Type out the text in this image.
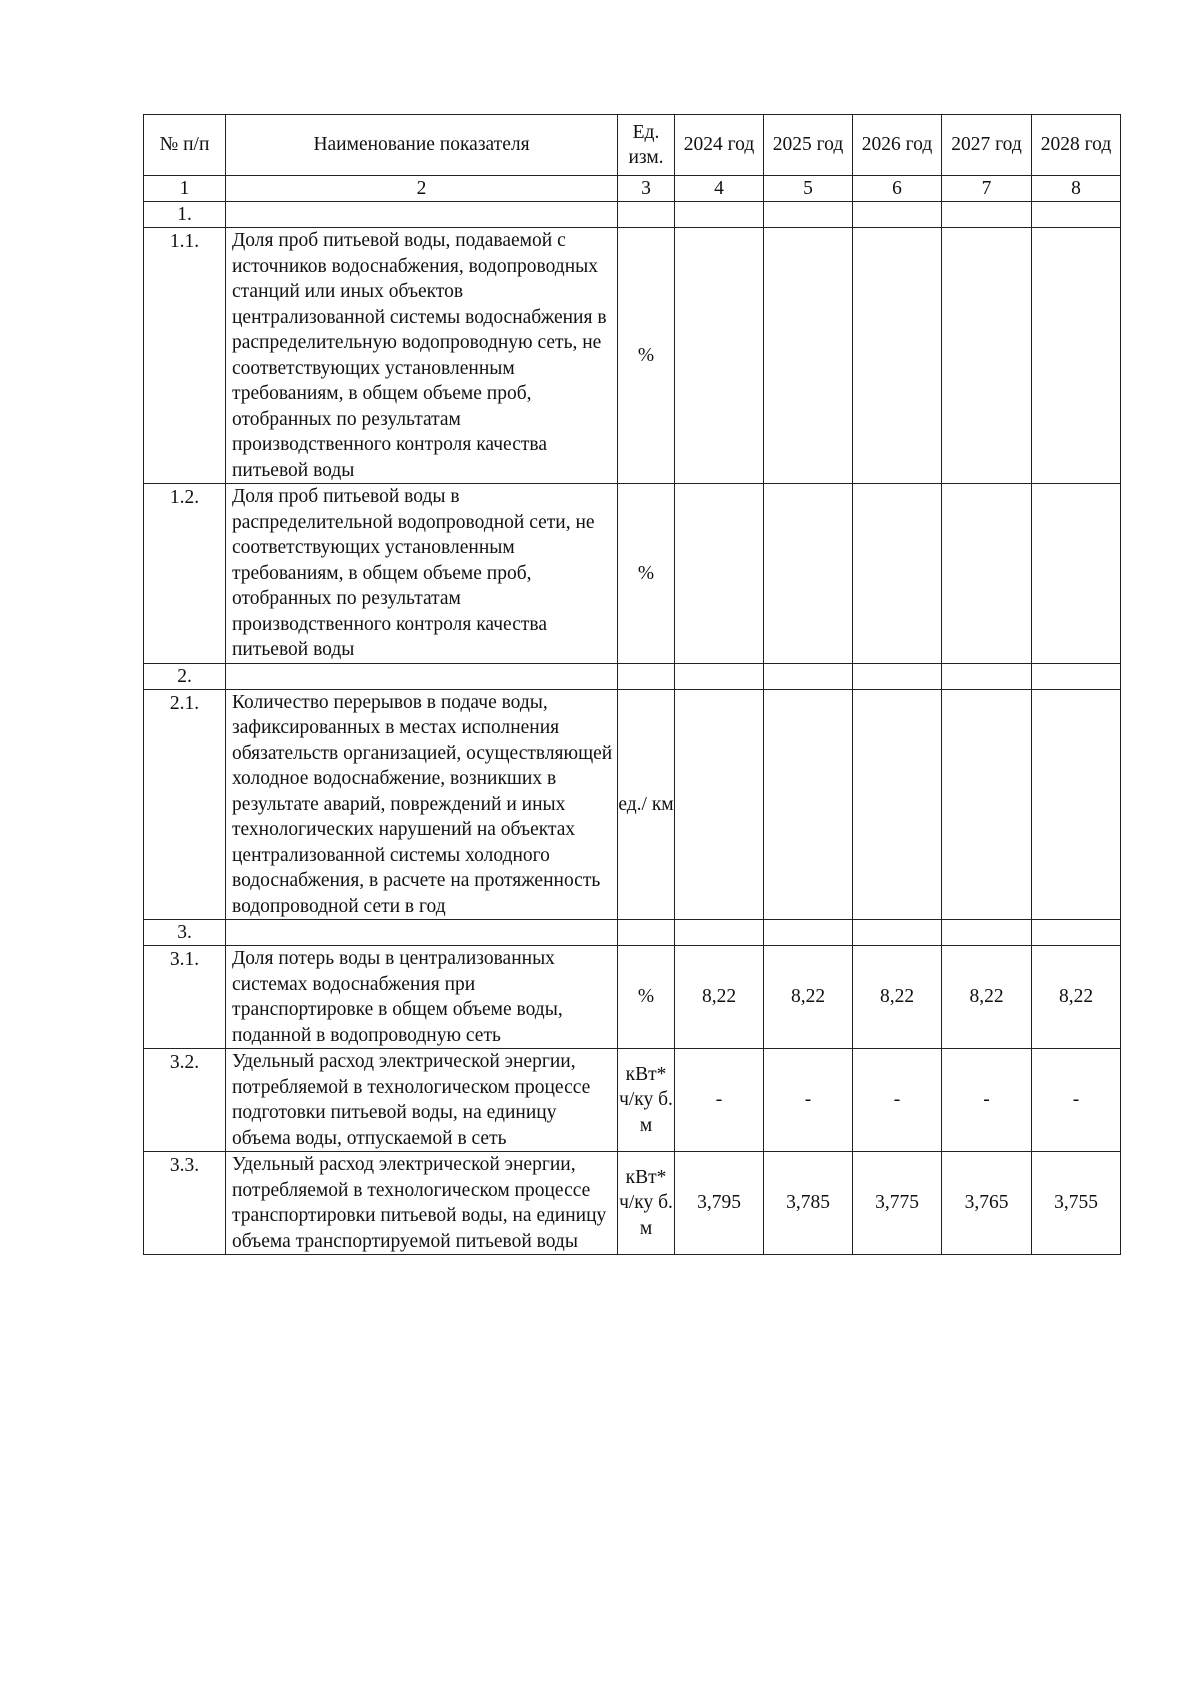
№ п/п	Наименование показателя	Ед. изм.	2024 год	2025 год	2026 год	2027 год	2028 год
1	2	3	4	5	6	7	8
1.							
1.1.	Доля проб питьевой воды, подаваемой с источников водоснабжения, водопроводных станций или иных объектов централизованной системы водоснабжения в распределительную водопроводную сеть, не соответствующих установленным требованиям, в общем объеме проб, отобранных по результатам производственного контроля качества питьевой воды	%					
1.2.	Доля проб питьевой воды в распределительной водопроводной сети, не соответствующих установленным требованиям, в общем объеме проб, отобранных по результатам производственного контроля качества питьевой воды	%					
2.							
2.1.	Количество перерывов в подаче воды, зафиксированных в местах исполнения обязательств организацией, осуществляющей холодное водоснабжение, возникших в результате аварий, повреждений и иных технологических нарушений на объектах централизованной системы холодного водоснабжения, в расчете на протяженность водопроводной сети в год	ед./ км					
3.							
3.1.	Доля потерь воды в централизованных системах водоснабжения при транспортировке в общем объеме воды, поданной в водопроводную сеть	%	8,22	8,22	8,22	8,22	8,22
3.2.	Удельный расход электрической энергии, потребляемой в технологическом процессе подготовки питьевой воды, на единицу объема воды, отпускаемой в сеть	кВт* ч/ку б. м	-	-	-	-	-
3.3.	Удельный расход электрической энергии, потребляемой в технологическом процессе транспортировки питьевой воды, на единицу объема транспортируемой питьевой воды	кВт* ч/ку б. м	3,795	3,785	3,775	3,765	3,755
